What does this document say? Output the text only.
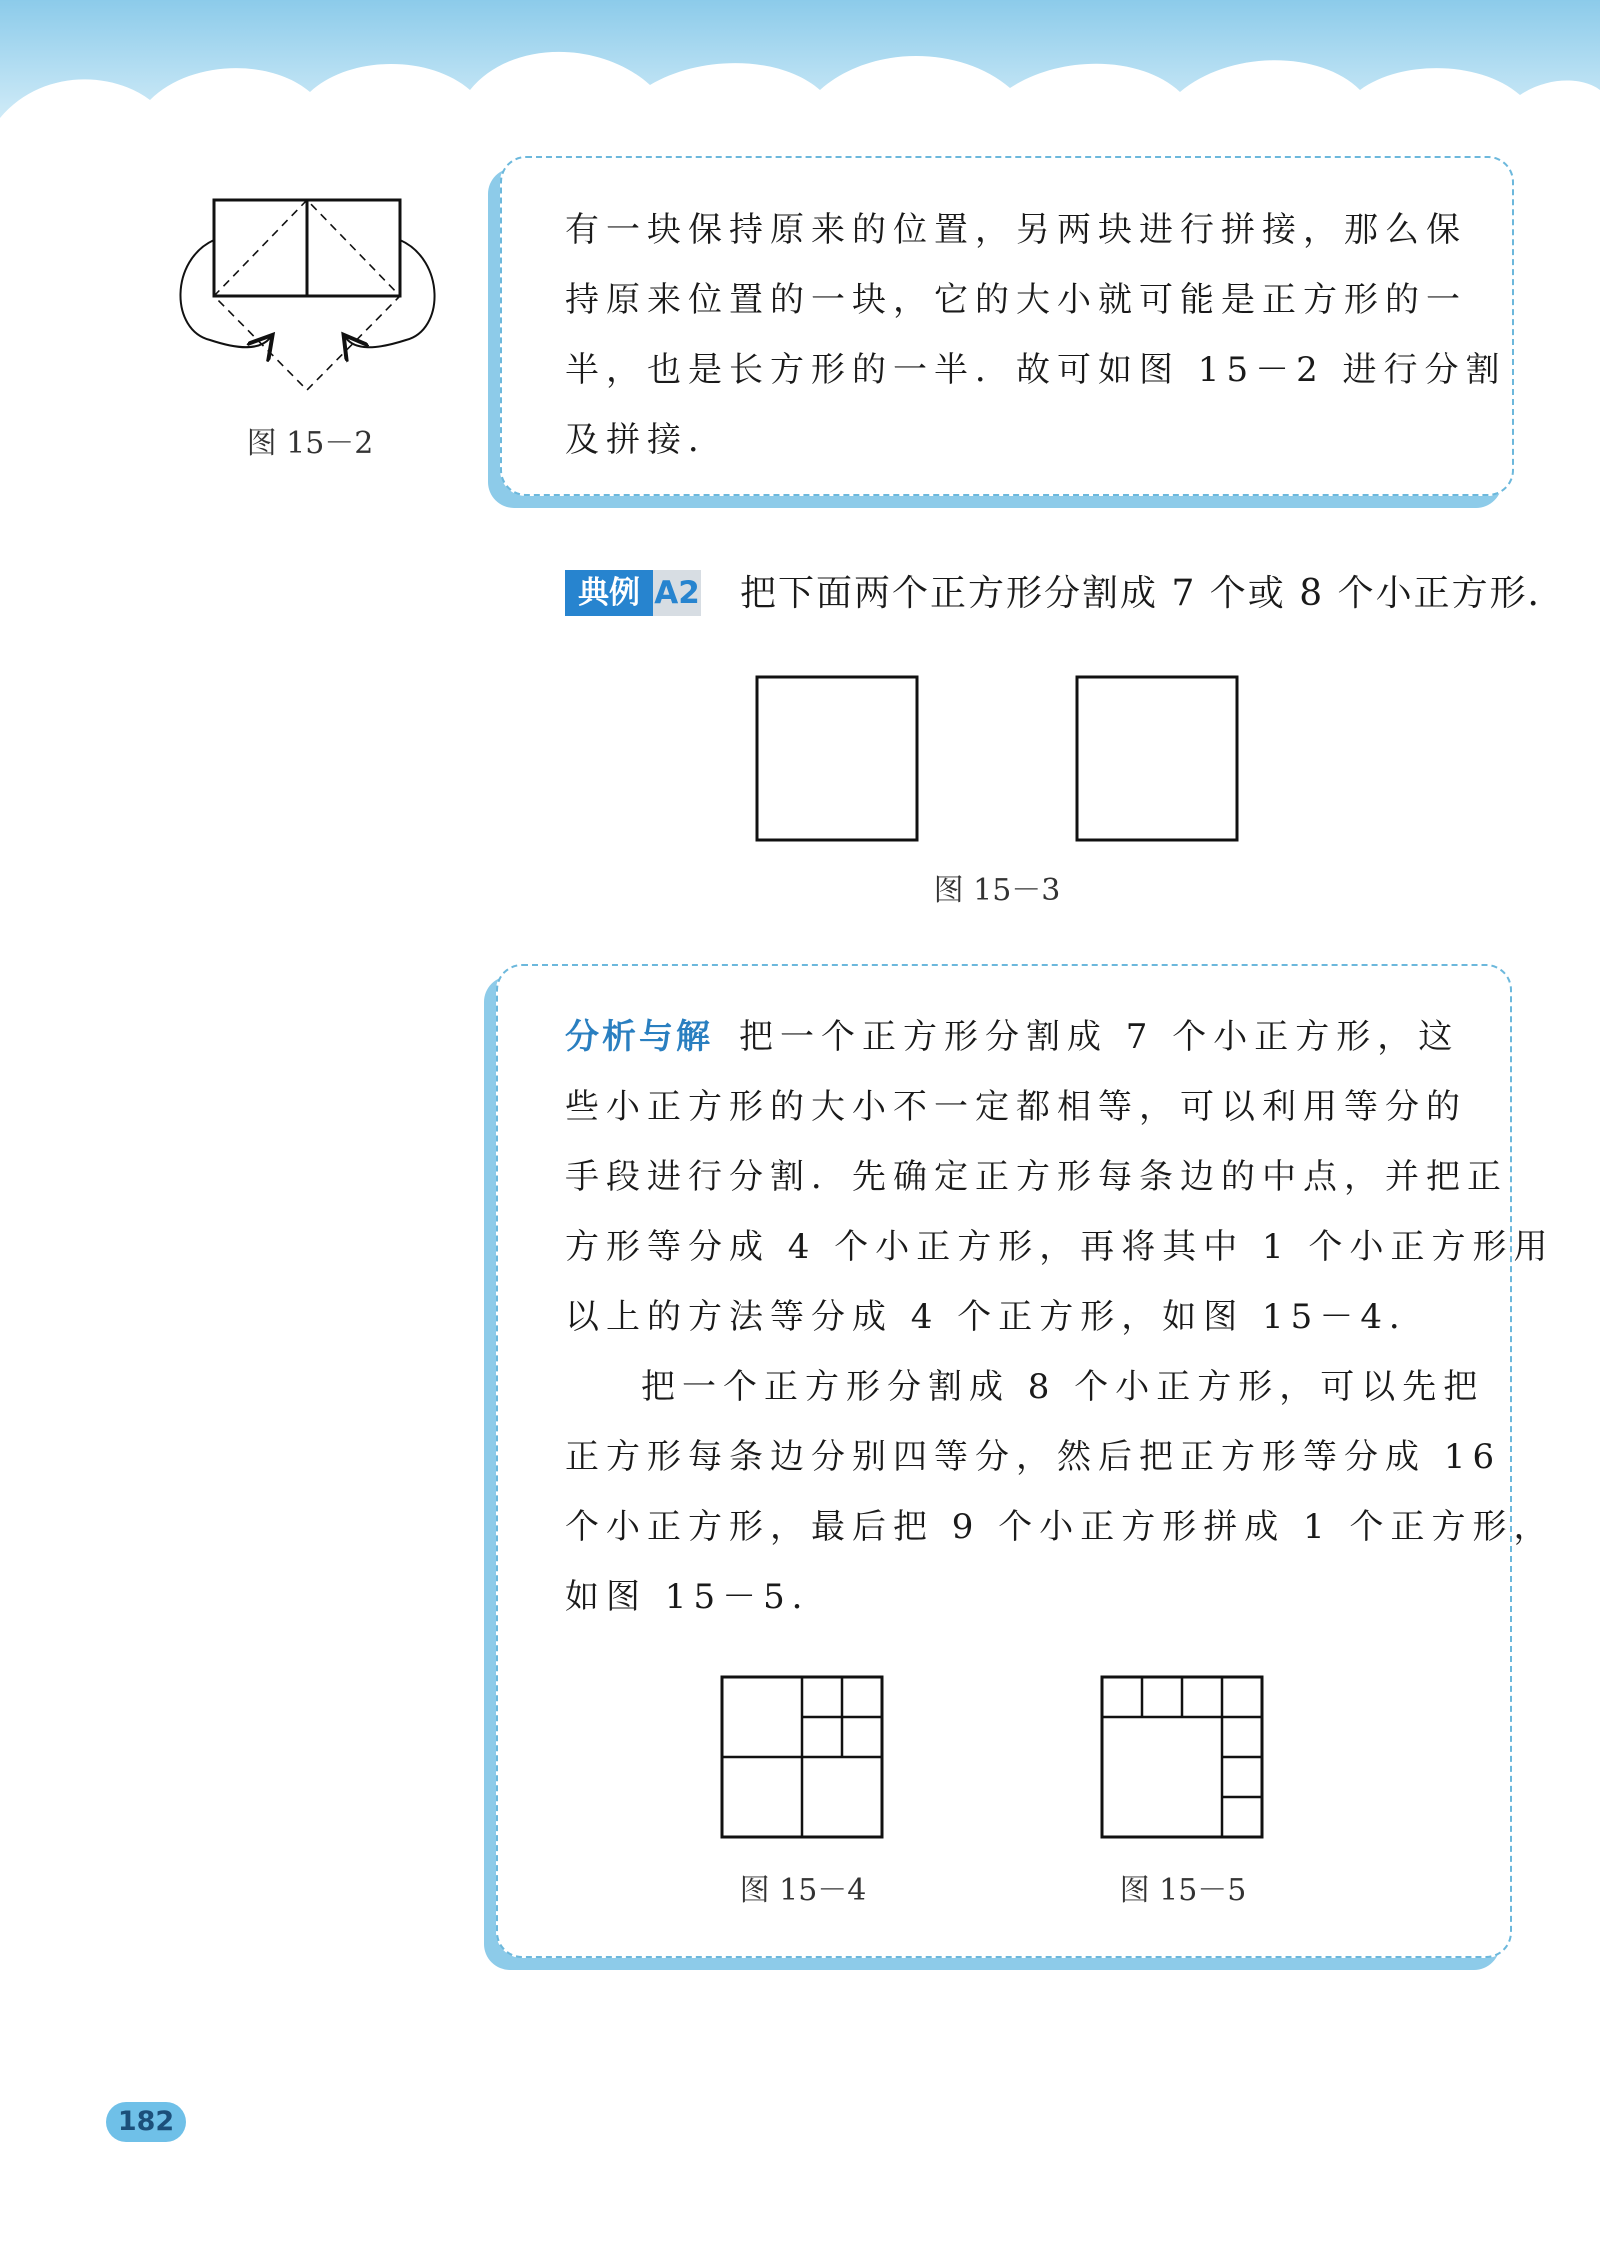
图 15－2

有一块保持原来的位置，另两块进行拼接，那么保

持原来位置的一块，它的大小就可能是正方形的一

半，也是长方形的一半．故可如图 15－2 进行分割

及拼接．

典例 A2 把下面两个正方形分割成 7 个或 8 个小正方形．
图 15－3

分析与解 把一个正方形分割成 7 个小正方形，这

些小正方形的大小不一定都相等，可以利用等分的

手段进行分割．先确定正方形每条边的中点，并把正

方形等分成 4 个小正方形，再将其中 1 个小正方形用

以上的方法等分成 4 个正方形，如图 15－4．

把一个正方形分割成 8 个小正方形，可以先把

正方形每条边分别四等分，然后把正方形等分成 16

个小正方形，最后把 9 个小正方形拼成 1 个正方形，

如图 15－5．

图 15－4	图 15－5
182
